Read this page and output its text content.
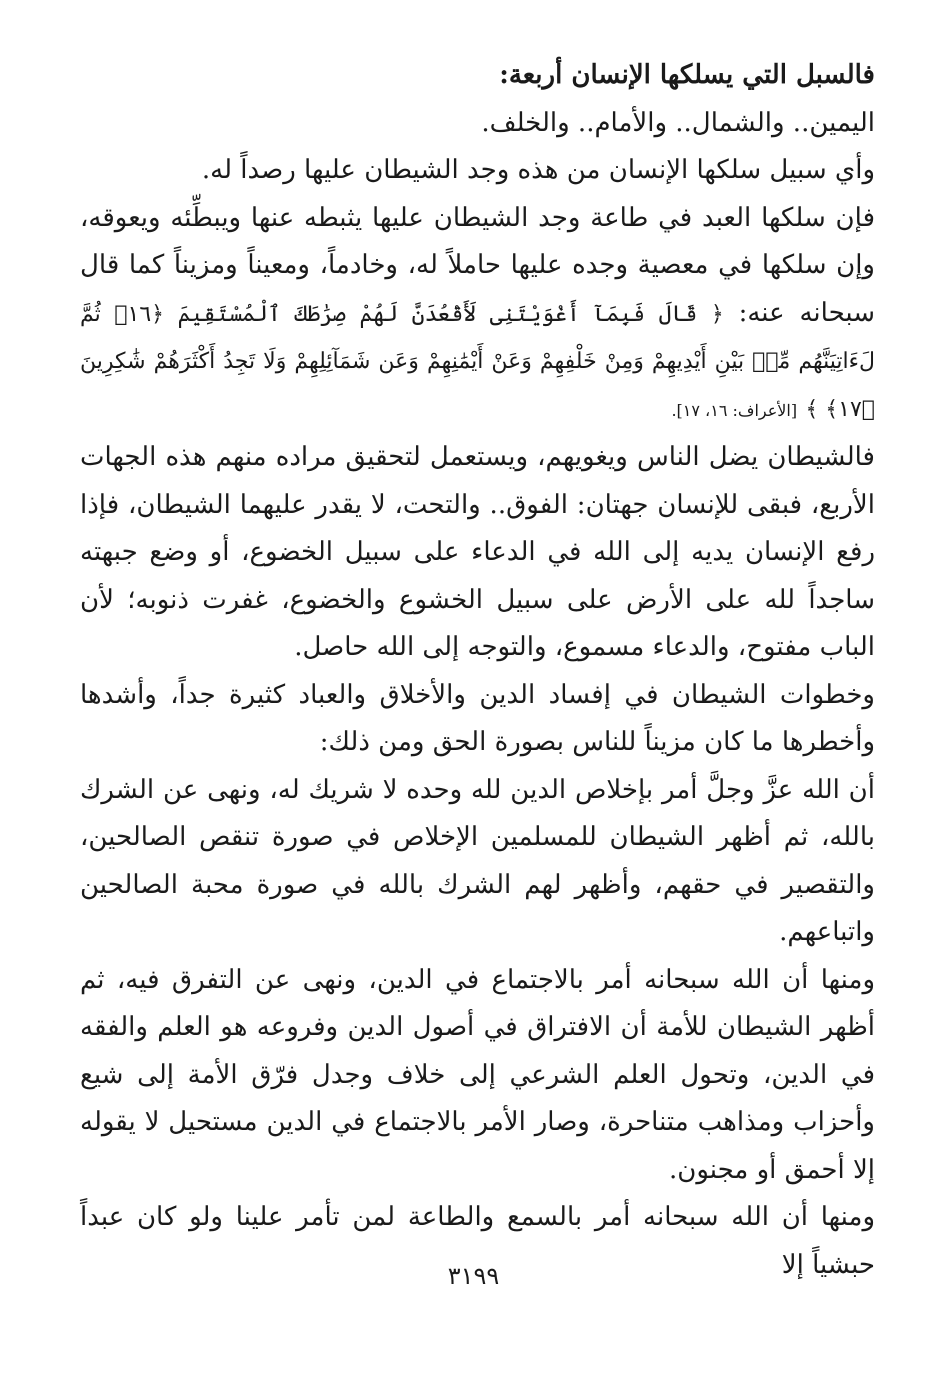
فالسبل التي يسلكها الإنسان أربعة:

اليمين.. والشمال.. والأمام.. والخلف.

وأي سبيل سلكها الإنسان من هذه وجد الشيطان عليها رصداً له.

فإن سلكها العبد في طاعة وجد الشيطان عليها يثبطه عنها ويبطِّئه ويعوقه، وإن سلكها في معصية وجده عليها حاملاً له، وخادماً، ومعيناً ومزيناً كما قال سبحانه عنه: ﴿ قَالَ فَبِمَآ أَغْوَيْتَنِى لَأَقْعُدَنَّ لَهُمْ صِرَٰطَكَ ٱلْمُسْتَقِيمَ ﴿١٦﴾ ثُمَّ لَءَاتِيَنَّهُم مِّنۢ بَيْنِ أَيْدِيهِمْ وَمِنْ خَلْفِهِمْ وَعَنْ أَيْمَٰنِهِمْ وَعَن شَمَآئِلِهِمْ وَلَا تَجِدُ أَكْثَرَهُمْ شَٰكِرِينَ ﴿١٧﴾ ﴾ [الأعراف: ١٦، ١٧].

فالشيطان يضل الناس ويغويهم، ويستعمل لتحقيق مراده منهم هذه الجهات الأربع، فبقى للإنسان جهتان: الفوق.. والتحت، لا يقدر عليهما الشيطان، فإذا رفع الإنسان يديه إلى الله في الدعاء على سبيل الخضوع، أو وضع جبهته ساجداً لله على الأرض على سبيل الخشوع والخضوع، غفرت ذنوبه؛ لأن الباب مفتوح، والدعاء مسموع، والتوجه إلى الله حاصل.

وخطوات الشيطان في إفساد الدين والأخلاق والعباد كثيرة جداً، وأشدها وأخطرها ما كان مزيناً للناس بصورة الحق ومن ذلك:

أن الله عزَّ وجلَّ أمر بإخلاص الدين لله وحده لا شريك له، ونهى عن الشرك بالله، ثم أظهر الشيطان للمسلمين الإخلاص في صورة تنقص الصالحين، والتقصير في حقهم، وأظهر لهم الشرك بالله في صورة محبة الصالحين واتباعهم.

ومنها أن الله سبحانه أمر بالاجتماع في الدين، ونهى عن التفرق فيه، ثم أظهر الشيطان للأمة أن الافتراق في أصول الدين وفروعه هو العلم والفقه في الدين، وتحول العلم الشرعي إلى خلاف وجدل فرّق الأمة إلى شيع وأحزاب ومذاهب متناحرة، وصار الأمر بالاجتماع في الدين مستحيل لا يقوله إلا أحمق أو مجنون.

ومنها أن الله سبحانه أمر بالسمع والطاعة لمن تأمر علينا ولو كان عبداً حبشياً إلا

٣١٩٩
